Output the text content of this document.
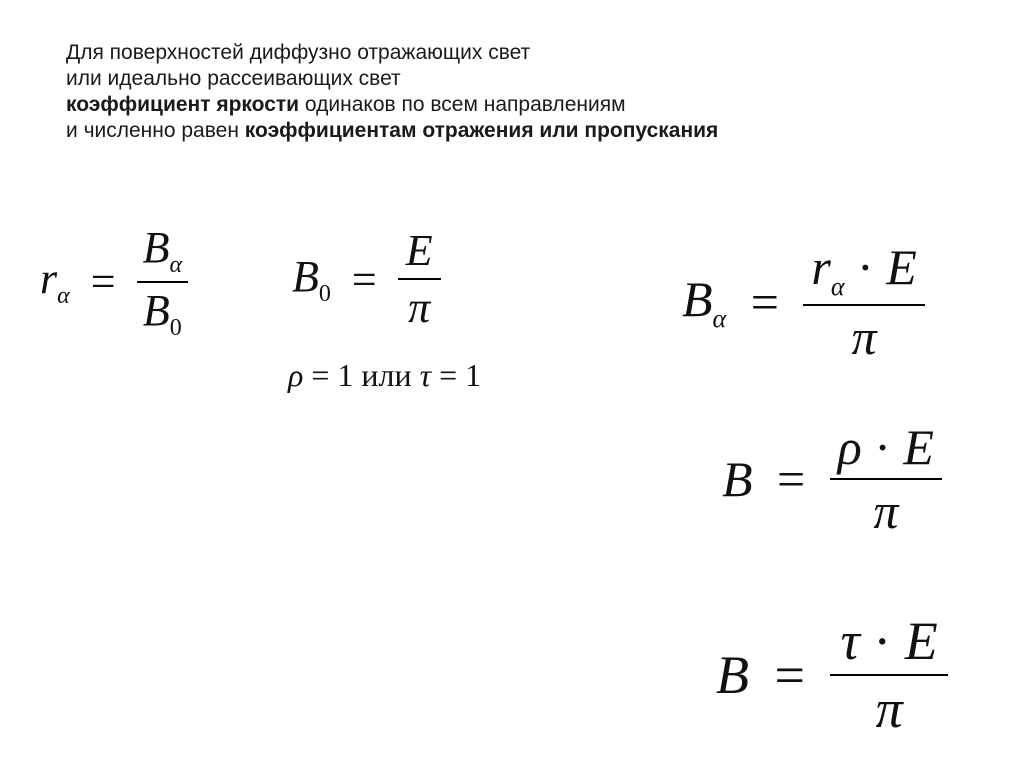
Для поверхностей диффузно отражающих свет
или идеально рассеивающих свет
коэффициент яркости одинаков по всем направлениям
и численно равен коэффициентам отражения или пропускания
$r_\alpha = \frac{B_\alpha}{B_0} B_0 = \frac{E}{\pi}$
ρ = 1 или τ = 1
$B_\alpha = \frac{r_\alpha \cdot E}{\pi}$
$B = \frac{\rho \cdot E}{\pi}$
$B = \frac{\tau \cdot E}{\pi}$
